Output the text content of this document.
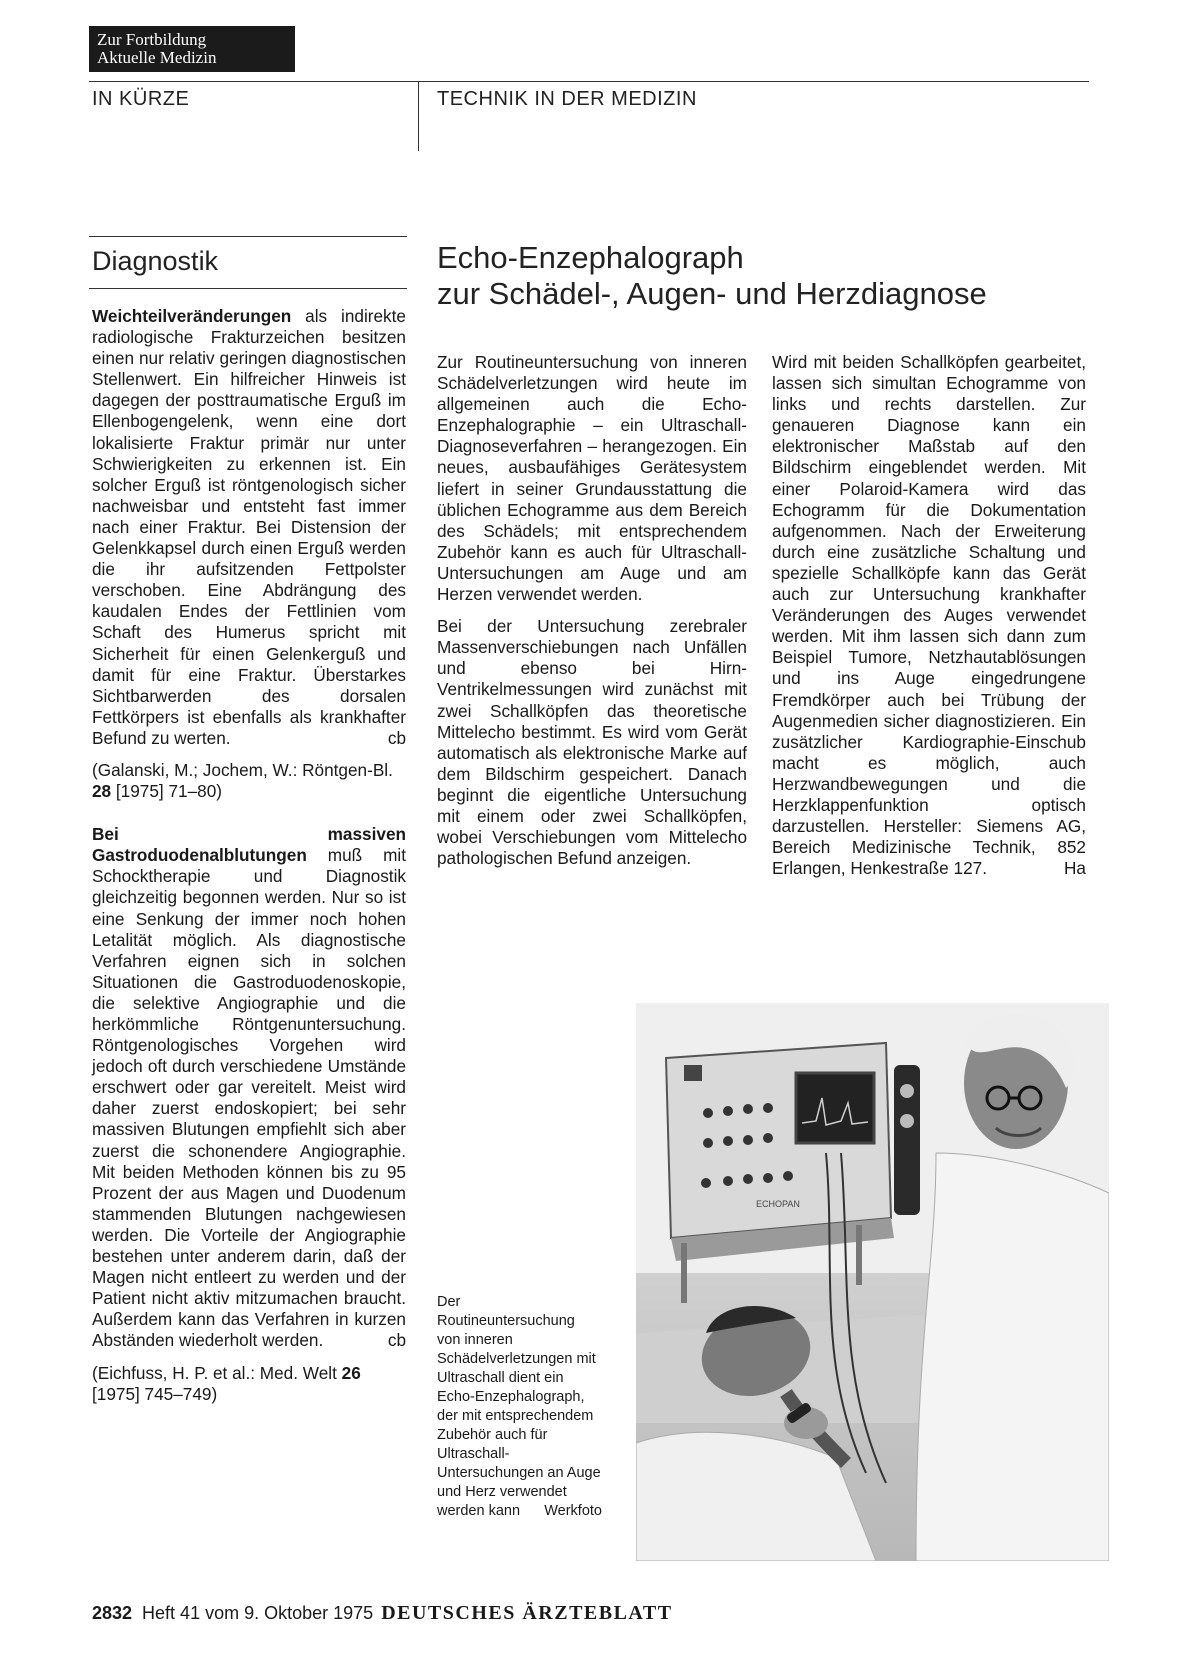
Zur Fortbildung
Aktuelle Medizin
IN KÜRZE	TECHNIK IN DER MEDIZIN
Diagnostik

Weichteilveränderungen als indirekte radiologische Frakturzeichen besitzen einen nur relativ geringen diagnostischen Stellenwert. Ein hilfreicher Hinweis ist dagegen der posttraumatische Erguß im Ellenbogengelenk, wenn eine dort lokalisierte Fraktur primär nur unter Schwierigkeiten zu erkennen ist. Ein solcher Erguß ist röntgenologisch sicher nachweisbar und entsteht fast immer nach einer Fraktur. Bei Distension der Gelenkkapsel durch einen Erguß werden die ihr aufsitzenden Fettpolster verschoben. Eine Abdrängung des kaudalen Endes der Fettlinien vom Schaft des Humerus spricht mit Sicherheit für einen Gelenkerguß und damit für eine Fraktur. Überstarkes Sichtbarwerden des dorsalen Fettkörpers ist ebenfalls als krankhafter Befund zu werten.	cb

(Galanski, M.; Jochem, W.: Röntgen-Bl. 28 [1975] 71–80)

Bei massiven Gastroduodenalblutungen muß mit Schocktherapie und Diagnostik gleichzeitig begonnen werden. Nur so ist eine Senkung der immer noch hohen Letalität möglich. Als diagnostische Verfahren eignen sich in solchen Situationen die Gastroduodenoskopie, die selektive Angiographie und die herkömmliche Röntgenuntersuchung. Röntgenologisches Vorgehen wird jedoch oft durch verschiedene Umstände erschwert oder gar vereitelt. Meist wird daher zuerst endoskopiert; bei sehr massiven Blutungen empfiehlt sich aber zuerst die schonendere Angiographie. Mit beiden Methoden können bis zu 95 Prozent der aus Magen und Duodenum stammenden Blutungen nachgewiesen werden. Die Vorteile der Angiographie bestehen unter anderem darin, daß der Magen nicht entleert zu werden und der Patient nicht aktiv mitzumachen braucht. Außerdem kann das Verfahren in kurzen Abständen wiederholt werden.	cb

(Eichfuss, H. P. et al.: Med. Welt 26 [1975] 745–749)

Echo-Enzephalograph
zur Schädel-, Augen- und Herzdiagnose

Zur Routineuntersuchung von inneren Schädelverletzungen wird heute im allgemeinen auch die Echo-Enzephalographie – ein Ultraschall-Diagnoseverfahren – herangezogen. Ein neues, ausbaufähiges Gerätesystem liefert in seiner Grundausstattung die üblichen Echogramme aus dem Bereich des Schädels; mit entsprechendem Zubehör kann es auch für Ultraschall-Untersuchungen am Auge und am Herzen verwendet werden.

Bei der Untersuchung zerebraler Massenverschiebungen nach Unfällen und ebenso bei Hirn-Ventrikelmessungen wird zunächst mit zwei Schallköpfen das theoretische Mittelecho bestimmt. Es wird vom Gerät automatisch als elektronische Marke auf dem Bildschirm gespeichert. Danach beginnt die eigentliche Untersuchung mit einem oder zwei Schallköpfen, wobei Verschiebungen vom Mittelecho pathologischen Befund anzeigen.

Wird mit beiden Schallköpfen gearbeitet, lassen sich simultan Echogramme von links und rechts darstellen. Zur genaueren Diagnose kann ein elektronischer Maßstab auf den Bildschirm eingeblendet werden. Mit einer Polaroid-Kamera wird das Echogramm für die Dokumentation aufgenommen. Nach der Erweiterung durch eine zusätzliche Schaltung und spezielle Schallköpfe kann das Gerät auch zur Untersuchung krankhafter Veränderungen des Auges verwendet werden. Mit ihm lassen sich dann zum Beispiel Tumore, Netzhautablösungen und ins Auge eingedrungene Fremdkörper auch bei Trübung der Augenmedien sicher diagnostizieren. Ein zusätzlicher Kardiographie-Einschub macht es möglich, auch Herzwandbewegungen und die Herzklappenfunktion optisch darzustellen. Hersteller: Siemens AG, Bereich Medizinische Technik, 852 Erlangen, Henkestraße 127.	Ha

Der Routineuntersuchung von inneren Schädelverletzungen mit Ultraschall dient ein Echo-Enzephalograph, der mit entsprechendem Zubehör auch für Ultraschall-Untersuchungen an Auge und Herz verwendet werden kann Werkfoto
ECHOPAN
2832 Heft 41 vom 9. Oktober 1975 DEUTSCHES ÄRZTEBLATT
